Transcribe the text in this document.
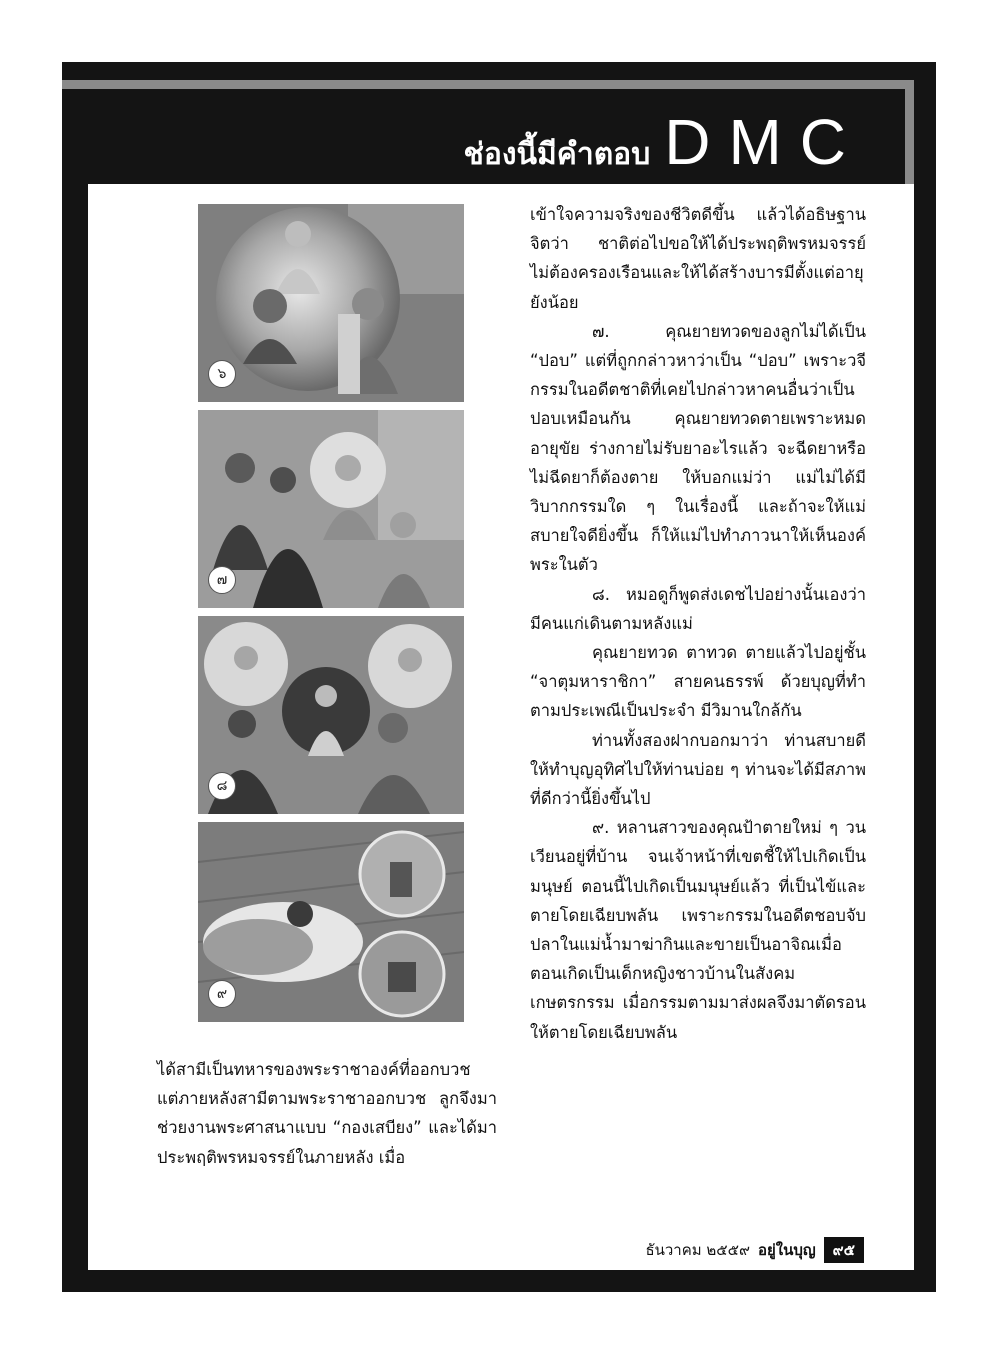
ช่องนี้มีคำตอบ DMC
๖
๗
๘
๙

เข้าใจความจริงของชีวิตดีขึ้น แล้วได้อธิษฐานจิตว่า ชาติต่อไปขอให้ได้ประพฤติพรหมจรรย์ ไม่ต้องครองเรือนและให้ได้สร้างบารมีตั้งแต่อายุยังน้อย

๗. คุณยายทวดของลูกไม่ได้เป็น “ปอบ” แต่ที่ถูกกล่าวหาว่าเป็น “ปอบ” เพราะวจีกรรมในอดีตชาติที่เคยไปกล่าวหาคนอื่นว่าเป็นปอบเหมือนกัน คุณยายทวดตายเพราะหมดอายุขัย ร่างกายไม่รับยาอะไรแล้ว จะฉีดยาหรือไม่ฉีดยาก็ต้องตาย ให้บอกแม่ว่า แม่ไม่ได้มีวิบากกรรมใด ๆ ในเรื่องนี้ และถ้าจะให้แม่สบายใจดียิ่งขึ้น ก็ให้แม่ไปทำภาวนาให้เห็นองค์พระในตัว

๘. หมอดูก็พูดส่งเดชไปอย่างนั้นเองว่ามีคนแก่เดินตามหลังแม่

คุณยายทวด ตาทวด ตายแล้วไปอยู่ชั้น “จาตุมหาราชิกา” สายคนธรรพ์ ด้วยบุญที่ทำตามประเพณีเป็นประจำ มีวิมานใกล้กัน

ท่านทั้งสองฝากบอกมาว่า ท่านสบายดี ให้ทำบุญอุทิศไปให้ท่านบ่อย ๆ ท่านจะได้มีสภาพที่ดีกว่านี้ยิ่งขึ้นไป

๙. หลานสาวของคุณป้าตายใหม่ ๆ วนเวียนอยู่ที่บ้าน จนเจ้าหน้าที่เขตชี้ให้ไปเกิดเป็นมนุษย์ ตอนนี้ไปเกิดเป็นมนุษย์แล้ว ที่เป็นไข้และตายโดยเฉียบพลัน เพราะกรรมในอดีตชอบจับปลาในแม่น้ำมาฆ่ากินและขายเป็นอาจิณเมื่อตอนเกิดเป็นเด็กหญิงชาวบ้านในสังคมเกษตรกรรม เมื่อกรรมตามมาส่งผลจึงมาตัดรอนให้ตายโดยเฉียบพลัน

ได้สามีเป็นทหารของพระราชาองค์ที่ออกบวช แต่ภายหลังสามีตามพระราชาออกบวช ลูกจึงมาช่วยงานพระศาสนาแบบ “กองเสบียง” และได้มาประพฤติพรหมจรรย์ในภายหลัง เมื่อ

ธันวาคม ๒๕๕๙ อยู่ในบุญ	๙๕
